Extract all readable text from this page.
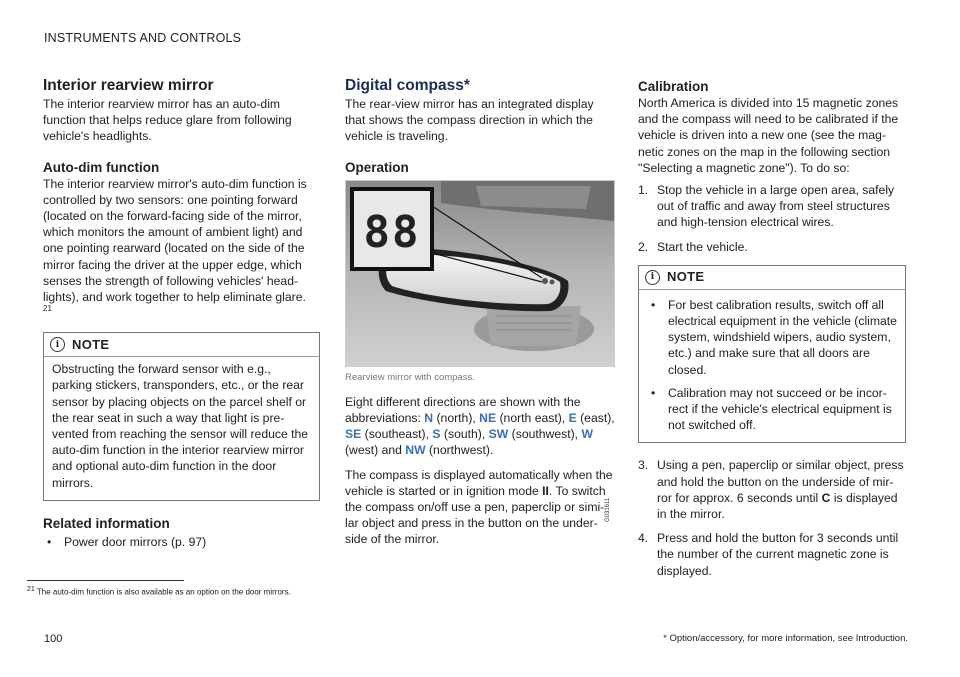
INSTRUMENTS AND CONTROLS
Interior rearview mirror

The interior rearview mirror has an auto-dim function that helps reduce glare from following vehicle's headlights.

Auto-dim function

The interior rearview mirror's auto-dim function is controlled by two sensors: one pointing forward (located on the forward-facing side of the mirror, which monitors the amount of ambient light) and one pointing rearward (located on the side of the mirror facing the driver at the upper edge, which senses the strength of following vehicles' head-lights), and work together to help eliminate glare.

21
i NOTE
Obstructing the forward sensor with e.g., parking stickers, transponders, etc., or the rear sensor by placing objects on the parcel shelf or the rear seat in such a way that light is pre-vented from reaching the sensor will reduce the auto-dim function in the interior rearview mirror and optional auto-dim function in the door mirrors.
Related information
• Power door mirrors (p. 97)
Digital compass*

The rear-view mirror has an integrated display that shows the compass direction in which the vehicle is traveling.

Operation
G031611
88
Rearview mirror with compass.

Eight different directions are shown with the abbreviations: N (north), NE (north east), E (east), SE (southeast), S (south), SW (southwest), W (west) and NW (northwest).

The compass is displayed automatically when the vehicle is started or in ignition mode II. To switch the compass on/off use a pen, paperclip or simi-lar object and press in the button on the under-side of the mirror.

Calibration

North America is divided into 15 magnetic zones and the compass will need to be calibrated if the vehicle is driven into a new one (see the mag-netic zones on the map in the following section "Selecting a magnetic zone"). To do so:

1. Stop the vehicle in a large open area, safely out of traffic and away from steel structures and high-tension electrical wires.
2. Start the vehicle.
i NOTE
• For best calibration results, switch off all electrical equipment in the vehicle (climate system, windshield wipers, audio system, etc.) and make sure that all doors are closed.
• Calibration may not succeed or be incor-rect if the vehicle's electrical equipment is not switched off.
3. Using a pen, paperclip or similar object, press and hold the button on the underside of mir-ror for approx. 6 seconds until C is displayed in the mirror.
4. Press and hold the button for 3 seconds until the number of the current magnetic zone is displayed.
$^{21}$ The auto-dim function is also available as an option on the door mirrors.
100	* Option/accessory, for more information, see Introduction.
